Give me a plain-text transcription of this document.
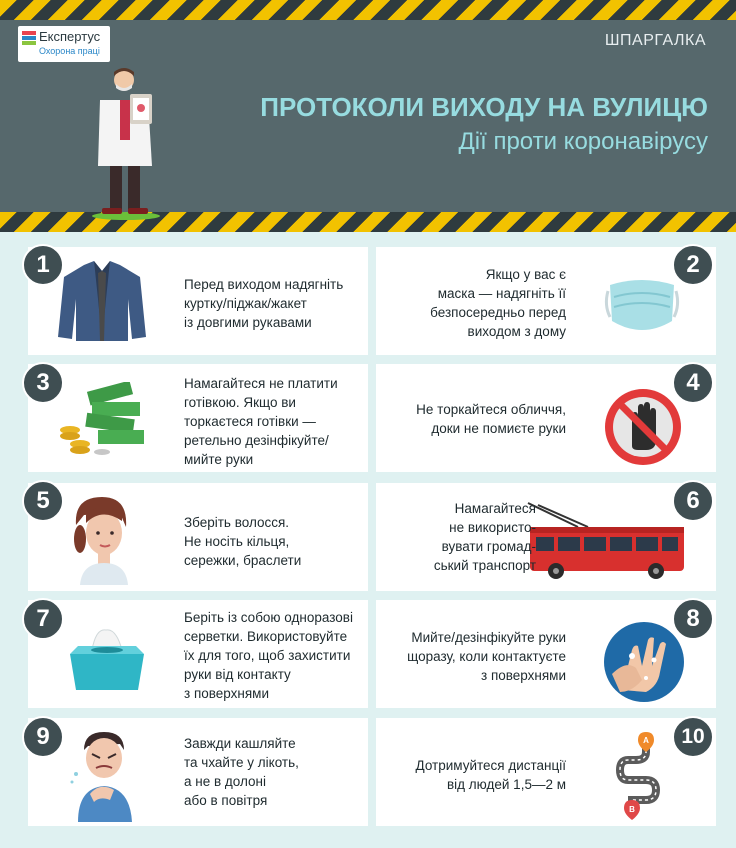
Експертус
Охорона праці
ШПАРГАЛКА
ПРОТОКОЛИ ВИХОДУ НА ВУЛИЦЮ
Дії проти коронавірусу
Перед виходом надягніть
куртку/піджак/жакет
із довгими рукавами
1	Якщо у вас є
маска — надягніть її
безпосередньо перед
виходом з дому
2
Намагайтеся не платити
готівкою. Якщо ви
торкаєтеся готівки —
ретельно дезінфікуйте/
мийте руки
3
Не торкайтеся обличчя,
доки не помиєте руки
4
Зберіть волосся.
Не носіть кільця,
сережки, браслети
5	Намагайтеся
не використо-
вувати громад-
ський транспорт
6
Беріть із собою одноразові
серветки. Використовуйте
їх для того, щоб захистити
руки від контакту
з поверхнями
7
Мийте/дезінфікуйте руки
щоразу, коли контактуєте
з поверхнями
8
Завжди кашляйте
та чхайте у лікоть,
а не в долоні
або в повітря
9	A
B
Дотримуйтеся дистанції
від людей 1,5—2 м
10
